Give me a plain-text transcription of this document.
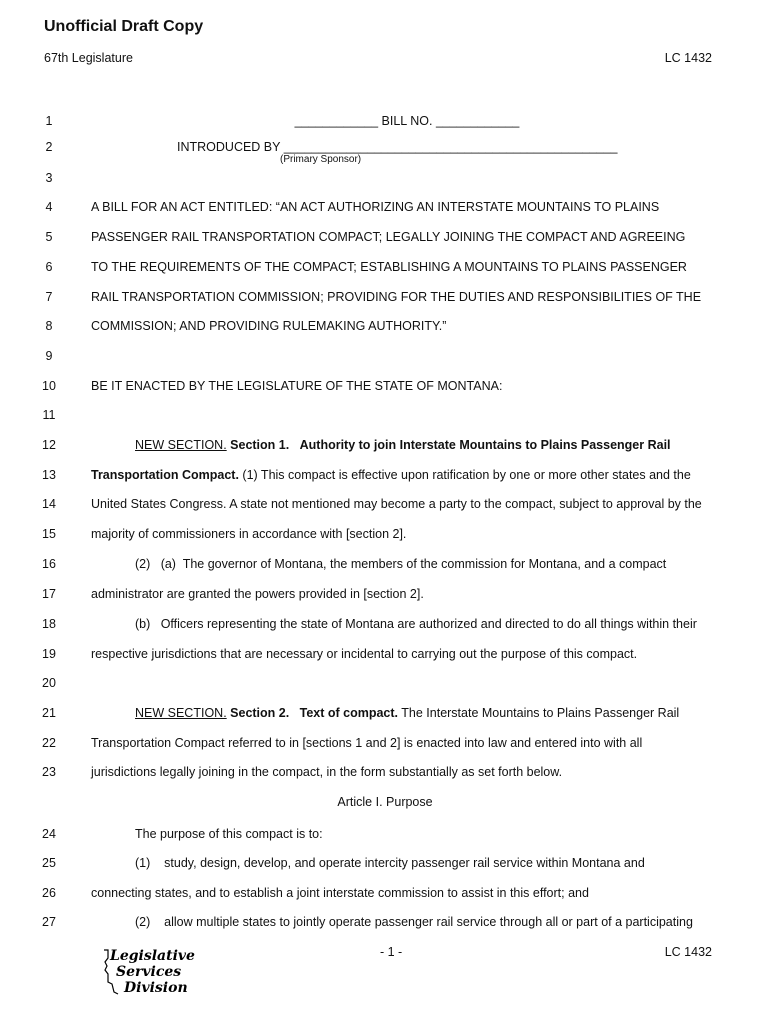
Unofficial Draft Copy
67th Legislature	LC 1432
1	____________ BILL NO. ____________
2	INTRODUCED BY ________________________________________________
(Primary Sponsor)
3
4	A BILL FOR AN ACT ENTITLED: “AN ACT AUTHORIZING AN INTERSTATE MOUNTAINS TO PLAINS
5	PASSENGER RAIL TRANSPORTATION COMPACT; LEGALLY JOINING THE COMPACT AND AGREEING
6	TO THE REQUIREMENTS OF THE COMPACT; ESTABLISHING A MOUNTAINS TO PLAINS PASSENGER
7	RAIL TRANSPORTATION COMMISSION; PROVIDING FOR THE DUTIES AND RESPONSIBILITIES OF THE
8	COMMISSION; AND PROVIDING RULEMAKING AUTHORITY.”
9
10	BE IT ENACTED BY THE LEGISLATURE OF THE STATE OF MONTANA:
11
12	NEW SECTION. Section 1. Authority to join Interstate Mountains to Plains Passenger Rail
13	Transportation Compact. (1) This compact is effective upon ratification by one or more other states and the
14	United States Congress. A state not mentioned may become a party to the compact, subject to approval by the
15	majority of commissioners in accordance with [section 2].
16	(2)   (a)  The governor of Montana, the members of the commission for Montana, and a compact
17	administrator are granted the powers provided in [section 2].
18	(b)   Officers representing the state of Montana are authorized and directed to do all things within their
19	respective jurisdictions that are necessary or incidental to carrying out the purpose of this compact.
20
21	NEW SECTION. Section 2. Text of compact. The Interstate Mountains to Plains Passenger Rail
22	Transportation Compact referred to in [sections 1 and 2] is enacted into law and entered into with all
23	jurisdictions legally joining in the compact, in the form substantially as set forth below.
Article I. Purpose
24	The purpose of this compact is to:
25	(1)    study, design, develop, and operate intercity passenger rail service within Montana and
26	connecting states, and to establish a joint interstate commission to assist in this effort; and
27	(2)    allow multiple states to jointly operate passenger rail service through all or part of a participating
- 1 -	LC 1432
Legislative
Services
Division
